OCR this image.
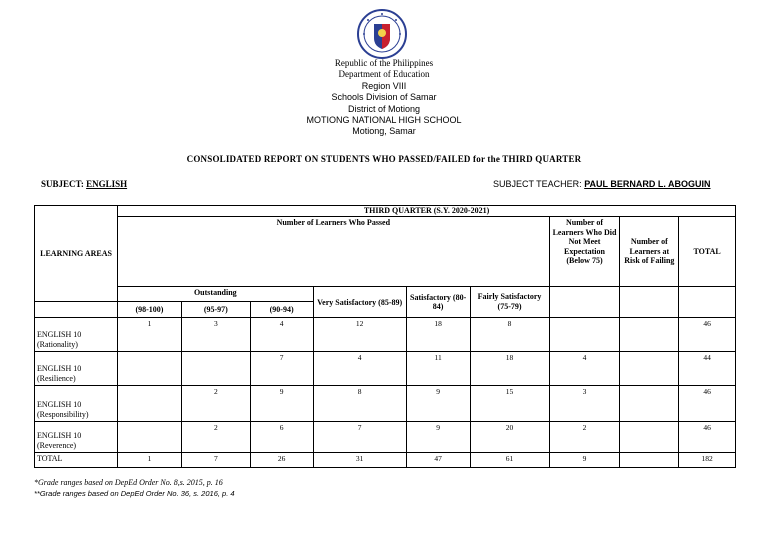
Republic of the Philippines
Department of Education
Region VIII
Schools Division of Samar
District of Motiong
MOTIONG NATIONAL HIGH SCHOOL
Motiong, Samar
CONSOLIDATED REPORT ON STUDENTS WHO PASSED/FAILED for the THIRD QUARTER
SUBJECT: ENGLISH	SUBJECT TEACHER: PAUL BERNARD L. ABOGUIN
LEARNING AREAS	THIRD QUARTER (S.Y. 2020-2021)								
	Number of Learners Who Passed						Number of Learners Who Did Not Meet Expectation (Below 75)	Number of Learners at Risk of Failing	TOTAL
	Outstanding			Very Satisfactory (85-89)	Satisfactory (80-84)	Fairly Satisfactory (75-79)			
	(98-100)	(95-97)	(90-94)						
ENGLISH 10
(Rationality)	1	3	4	12	18	8			46
ENGLISH 10
(Resilience)			7	4	11	18	4		44
ENGLISH 10
(Responsibility)		2	9	8	9	15	3		46
ENGLISH 10
(Reverence)		2	6	7	9	20	2		46
TOTAL	1	7	26	31	47	61	9		182
*Grade ranges based on DepEd Order No. 8,s. 2015, p. 16
**Grade ranges based on DepEd Order No. 36, s. 2016, p. 4
